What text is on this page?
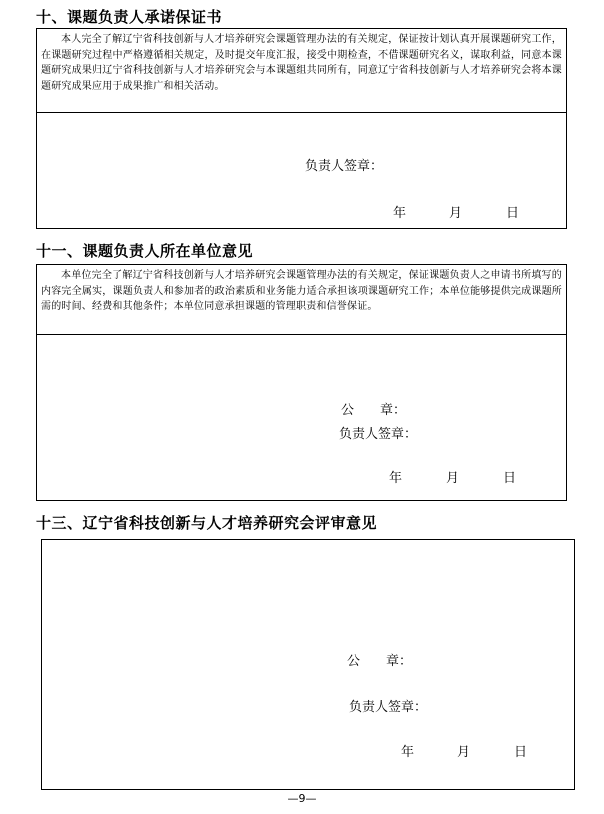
十、课题负责人承诺保证书
本人完全了解辽宁省科技创新与人才培养研究会课题管理办法的有关规定，保证按计划认真开展课题研究工作，在课题研究过程中严格遵循相关规定，及时提交年度汇报，接受中期检查，不借课题研究名义，谋取利益，同意本课题研究成果归辽宁省科技创新与人才培养研究会与本课题组共同所有，同意辽宁省科技创新与人才培养研究会将本课题研究成果应用于成果推广和相关活动。
负责人签章：
年	月	日
十一、课题负责人所在单位意见
本单位完全了解辽宁省科技创新与人才培养研究会课题管理办法的有关规定，保证课题负责人之申请书所填写的内容完全属实，课题负责人和参加者的政治素质和业务能力适合承担该项课题研究工作；本单位能够提供完成课题所需的时间、经费和其他条件；本单位同意承担课题的管理职责和信誉保证。
公　　章：
负责人签章：
年	月	日
十三、辽宁省科技创新与人才培养研究会评审意见
公　　章：
负责人签章：
年	月	日
—9—
